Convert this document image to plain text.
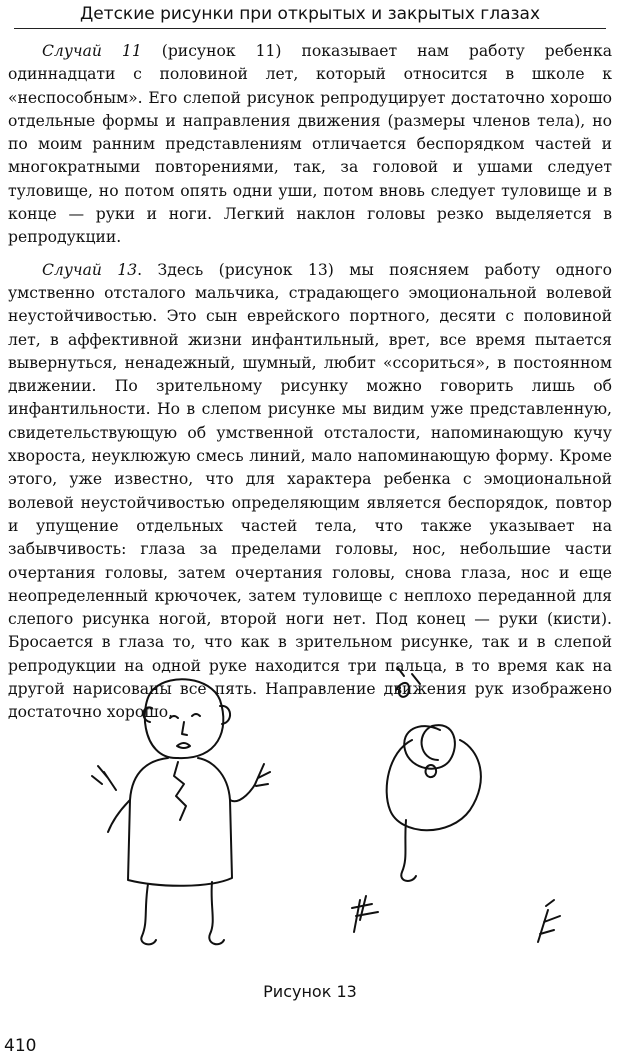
Детские рисунки при открытых и закрытых глазах

Случай 11 (рисунок 11) показывает нам работу ребенка одиннадцати с половиной лет, который относится в школе к «неспособным». Его слепой рисунок репродуцирует достаточно хорошо отдельные формы и направления движения (размеры членов тела), но по моим ранним представлениям отличается беспорядком частей и многократными повторениями, так, за головой и ушами следует туловище, но потом опять одни уши, потом вновь следует туловище и в конце — руки и ноги. Легкий наклон головы резко выделяется в репродукции.

Случай 13. Здесь (рисунок 13) мы поясняем работу одного умственно отсталого мальчика, страдающего эмоциональной волевой неустойчивостью. Это сын еврейского портного, десяти с половиной лет, в аффективной жизни инфантильный, врет, все время пытается вывернуться, ненадежный, шумный, любит «ссориться», в постоянном движении. По зрительному рисунку можно говорить лишь об инфантильности. Но в слепом рисунке мы видим уже представленную, свидетельствующую об умственной отсталости, напоминающую кучу хвороста, неуклюжую смесь линий, мало напоминающую форму. Кроме этого, уже известно, что для характера ребенка с эмоциональной волевой неустойчивостью определяющим является беспорядок, повтор и упущение отдельных частей тела, что также указывает на забывчивость: глаза за пределами головы, нос, небольшие части очертания головы, затем очертания головы, снова глаза, нос и еще неопределенный крючочек, затем туловище с неплохо переданной для слепого рисунка ногой, второй ноги нет. Под конец — руки (кисти). Бросается в глаза то, что как в зрительном рисунке, так и в слепой репродукции на одной руке находится три пальца, в то время как на другой нарисованы все пять. Направление движения рук изображено достаточно хорошо.

Рисунок 13
410
